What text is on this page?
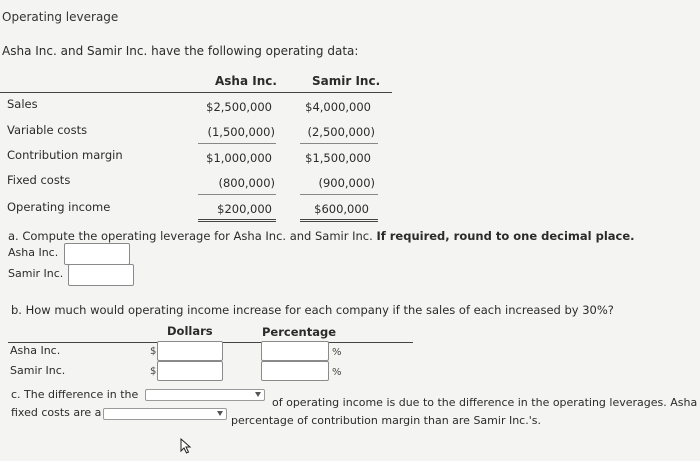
Operating leverage
Asha Inc. and Samir Inc. have the following operating data:
Asha Inc.	Samir Inc.
Sales	$2,500,000	$4,000,000
Variable costs	(1,500,000)	(2,500,000)
Contribution margin	$1,000,000	$1,500,000
Fixed costs	(800,000)	(900,000)
Operating income	$200,000	$600,000
a. Compute the operating leverage for Asha Inc. and Samir Inc. If required, round to one decimal place.
Asha Inc.
Samir Inc.
b. How much would operating income increase for each company if the sales of each increased by 30%?
Dollars	Percentage
Asha Inc.	$	%
Samir Inc.	$	%
c. The difference in the
of operating income is due to the difference in the operating leverages. Asha
fixed costs are a
percentage of contribution margin than are Samir Inc.'s.
